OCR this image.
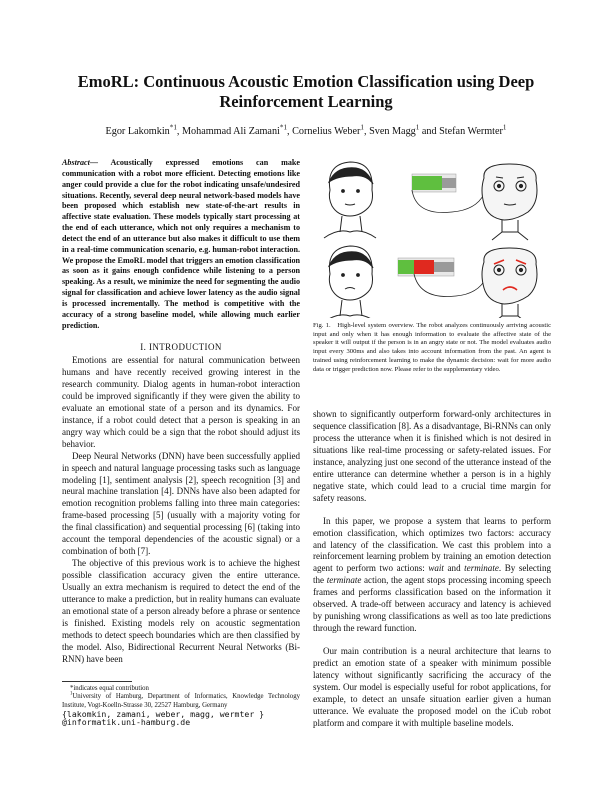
EmoRL: Continuous Acoustic Emotion Classification using Deep
Reinforcement Learning
Egor Lakomkin$^{*1}$, Mohammad Ali Zamani$^{*1}$, Cornelius Weber$^1$, Sven Magg$^1$ and Stefan Wermter$^1$
Abstract— Acoustically expressed emotions can make communication with a robot more efficient. Detecting emotions like anger could provide a clue for the robot indicating unsafe/undesired situations. Recently, several deep neural network-based models have been proposed which establish new state-of-the-art results in affective state evaluation. These models typically start processing at the end of each utterance, which not only requires a mechanism to detect the end of an utterance but also makes it difficult to use them in a real-time communication scenario, e.g. human-robot interaction. We propose the EmoRL model that triggers an emotion classification as soon as it gains enough confidence while listening to a person speaking. As a result, we minimize the need for segmenting the audio signal for classification and achieve lower latency as the audio signal is processed incrementally. The method is competitive with the accuracy of a strong baseline model, while allowing much earlier prediction.
I. INTRODUCTION

Emotions are essential for natural communication between humans and have recently received growing interest in the research community. Dialog agents in human-robot interaction could be improved significantly if they were given the ability to evaluate an emotional state of a person and its dynamics. For instance, if a robot could detect that a person is speaking in an angry way which could be a sign that the robot should adjust its behavior.

Deep Neural Networks (DNN) have been successfully applied in speech and natural language processing tasks such as language modeling [1], sentiment analysis [2], speech recognition [3] and neural machine translation [4]. DNNs have also been adapted for emotion recognition problems falling into three main categories: frame-based processing [5] (usually with a majority voting for the final classification) and sequential processing [6] (taking into account the temporal dependencies of the acoustic signal) or a combination of both [7].

The objective of this previous work is to achieve the highest possible classification accuracy given the entire utterance. Usually an extra mechanism is required to detect the end of the utterance to make a prediction, but in reality humans can evaluate an emotional state of a person already before a phrase or sentence is finished. Existing models rely on acoustic segmentation methods to detect speech boundaries which are then classified by the model. Also, Bidirectional Recurrent Neural Networks (Bi-RNN) have been

*indicates equal contribution
$^1$University of Hamburg, Department of Informatics, Knowledge Technology Institute, Vogt-Koelln-Strasse 30, 22527 Hamburg, Germany
{lakomkin, zamani, weber, magg, wermter }
@informatik.uni-hamburg.de
Fig. 1. High-level system overview. The robot analyzes continuously arriving acoustic input and only when it has enough information to evaluate the affective state of the speaker it will output if the person is in an angry state or not. The model evaluates audio input every 300ms and also takes into account information from the past. An agent is trained using reinforcement learning to make the dynamic decision: wait for more audio data or trigger prediction now. Please refer to the supplementary video.

shown to significantly outperform forward-only architectures in sequence classification [8]. As a disadvantage, Bi-RNNs can only process the utterance when it is finished which is not desired in situations like real-time processing or safety-related issues. For instance, analyzing just one second of the utterance instead of the entire utterance can determine whether a person is in a highly negative state, which could lead to a crucial time margin for safety reasons.

In this paper, we propose a system that learns to perform emotion classification, which optimizes two factors: accuracy and latency of the classification. We cast this problem into a reinforcement learning problem by training an emotion detection agent to perform two actions: wait and terminate. By selecting the terminate action, the agent stops processing incoming speech frames and performs classification based on the information it observed. A trade-off between accuracy and latency is achieved by punishing wrong classifications as well as too late predictions through the reward function.

Our main contribution is a neural architecture that learns to predict an emotion state of a speaker with minimum possible latency without significantly sacrificing the accuracy of the system. Our model is especially useful for robot applications, for example, to detect an unsafe situation earlier given a human utterance. We evaluate the proposed model on the iCub robot platform and compare it with multiple baseline models.
